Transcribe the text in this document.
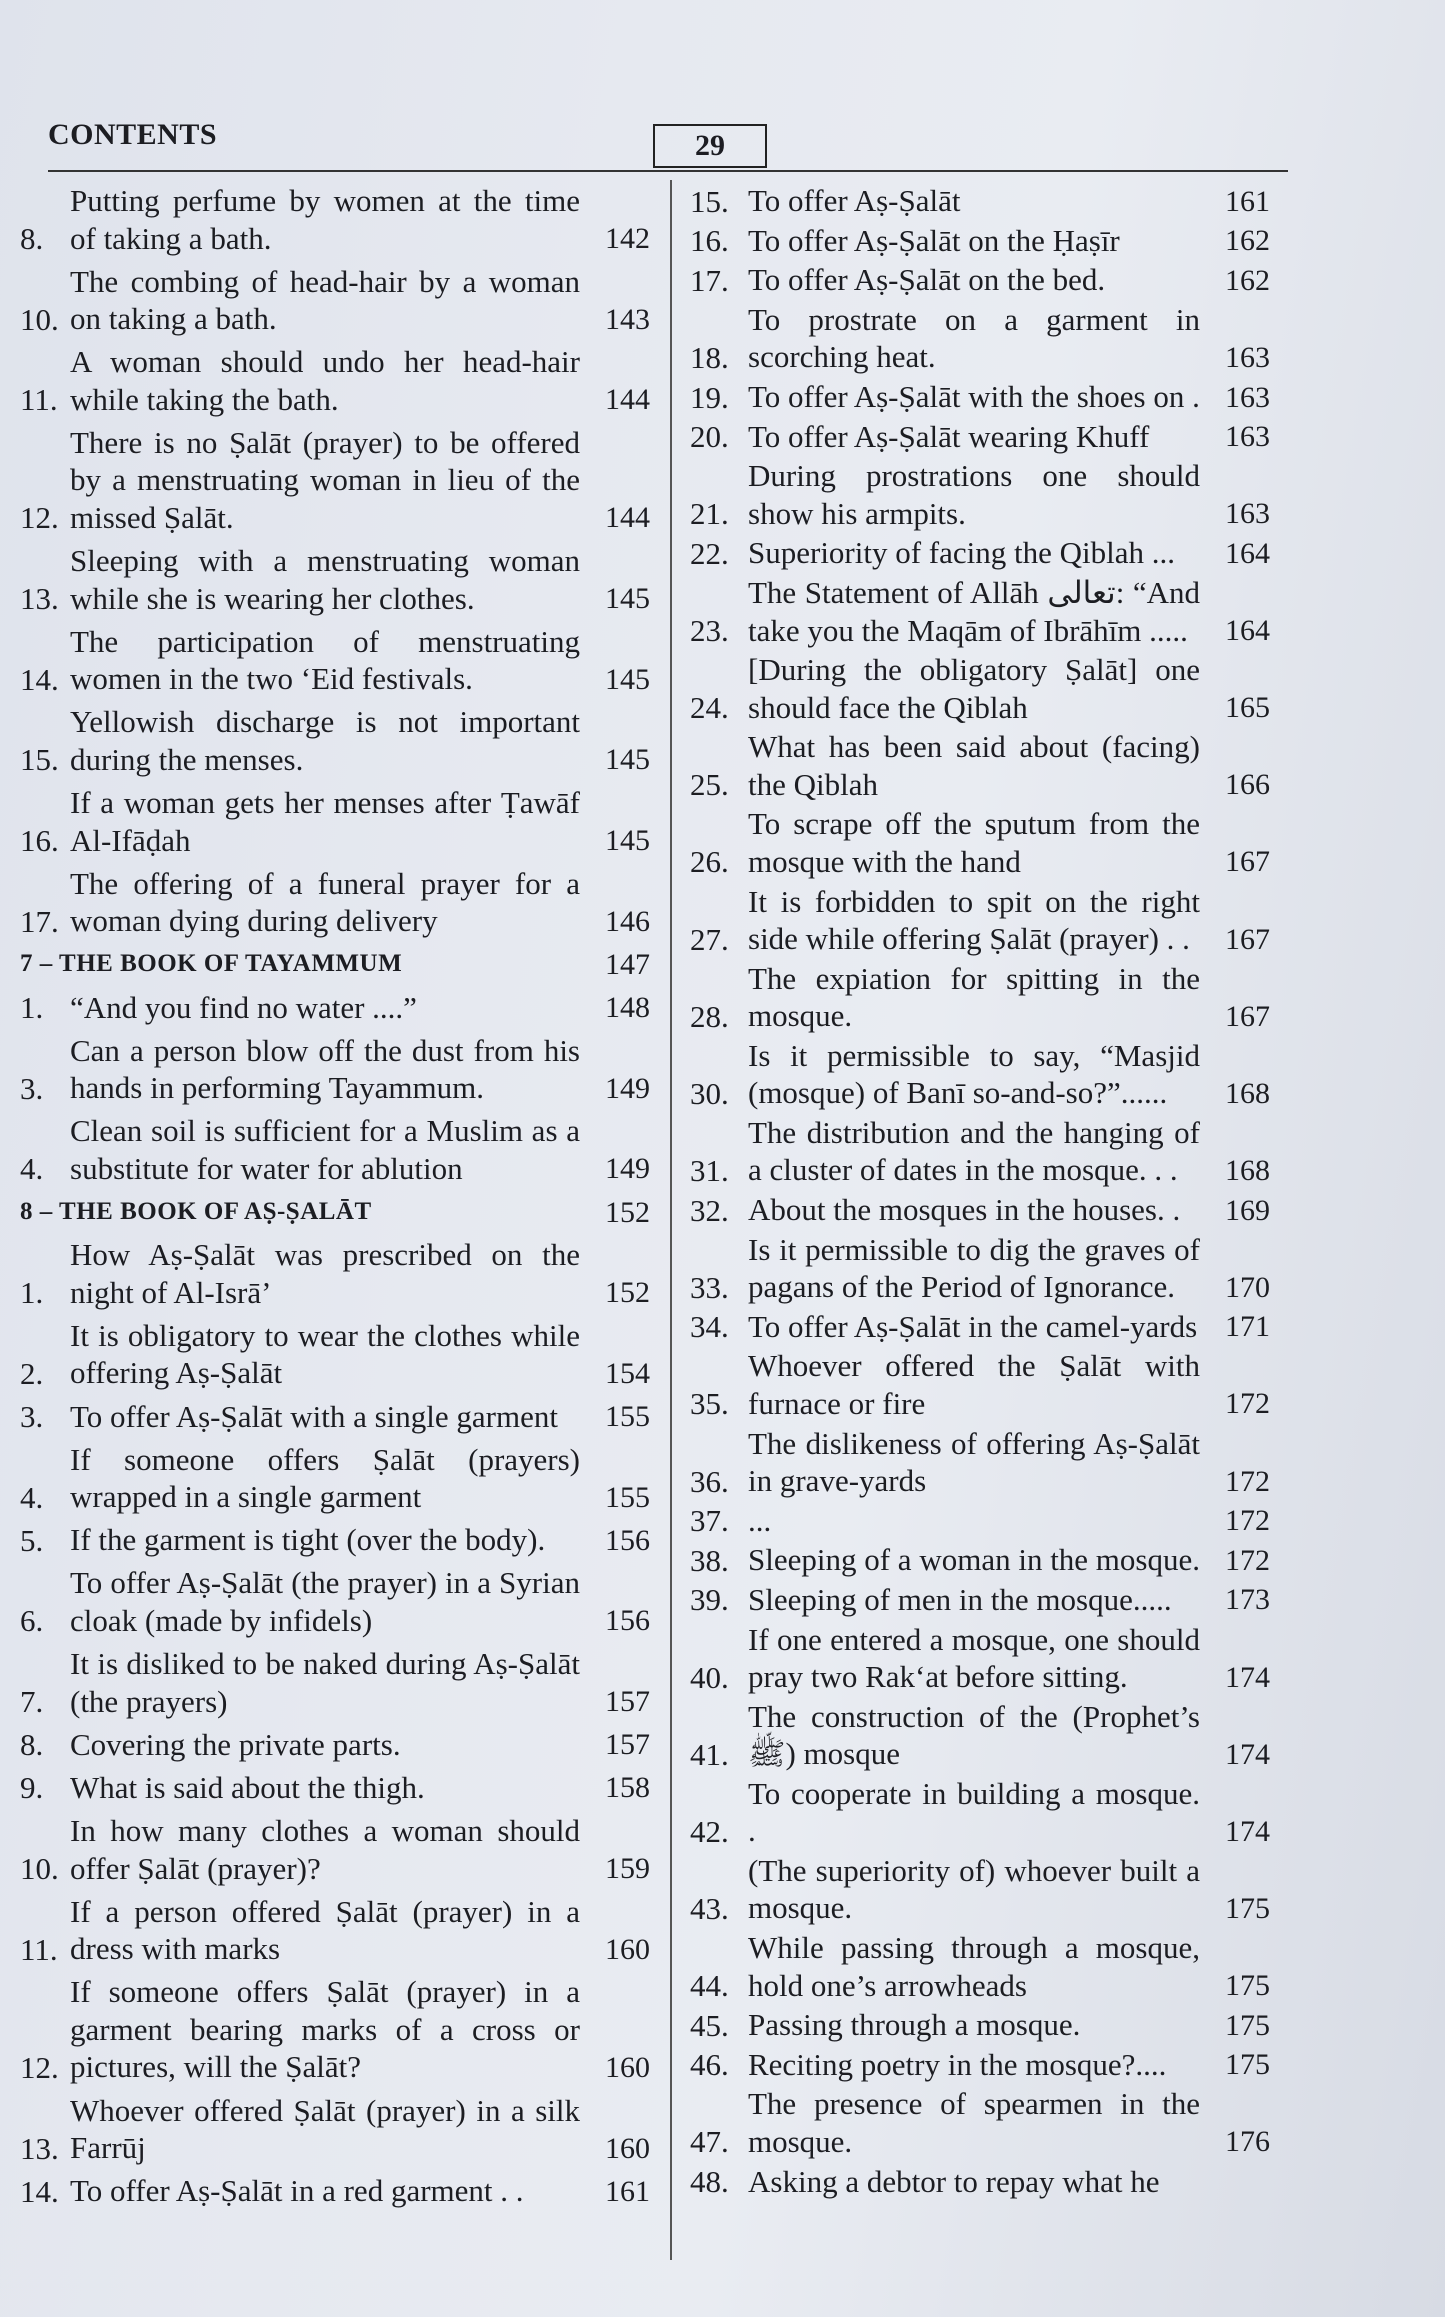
CONTENTS	29
8.
Putting perfume by women at the time of taking a bath.	142
10.
The combing of head-hair by a woman on taking a bath.	143
11.
A woman should undo her head-hair while taking the bath.	144
12.
There is no Ṣalāt (prayer) to be offered by a menstruating woman in lieu of the missed Ṣalāt.	144
13.
Sleeping with a menstruating woman while she is wearing her clothes.	145
14.
The participation of menstruating women in the two ‘Eid festivals.	145
15.
Yellowish discharge is not important during the menses.	145
16.
If a woman gets her menses after Ṭawāf Al-Ifāḍah	145
17.
The offering of a funeral prayer for a woman dying during delivery	146
7 – THE BOOK OF TAYAMMUM	147
1. “And you find no water ....”	148
3.
Can a person blow off the dust from his hands in performing Tayammum.	149
4.
Clean soil is sufficient for a Muslim as a substitute for water for ablution	149
8 – THE BOOK OF AṢ-ṢALĀT	152
1.
How Aṣ-Ṣalāt was prescribed on the night of Al-Isrā’	152
2.
It is obligatory to wear the clothes while offering Aṣ-Ṣalāt	154
3. To offer Aṣ-Ṣalāt with a single garment	155
4.
If someone offers Ṣalāt (prayers) wrapped in a single garment	155
5. If the garment is tight (over the body).	156
6.
To offer Aṣ-Ṣalāt (the prayer) in a Syrian cloak (made by infidels)	156
7.
It is disliked to be naked during Aṣ-Ṣalāt (the prayers)	157
8. Covering the private parts.	157
9. What is said about the thigh.	158
10.
In how many clothes a woman should offer Ṣalāt (prayer)?	159
11.
If a person offered Ṣalāt (prayer) in a dress with marks	160
12.
If someone offers Ṣalāt (prayer) in a garment bearing marks of a cross or pictures, will the Ṣalāt?	160
13.
Whoever offered Ṣalāt (prayer) in a silk Farrūj	160
14. To offer Aṣ-Ṣalāt in a red garment . .	161
15. To offer Aṣ-Ṣalāt	161
16. To offer Aṣ-Ṣalāt on the Ḥaṣīr	162
17. To offer Aṣ-Ṣalāt on the bed.	162
18.
To prostrate on a garment in scorching heat.	163
19. To offer Aṣ-Ṣalāt with the shoes on . 163
20. To offer Aṣ-Ṣalāt wearing Khuff	163
21.
During prostrations one should show his armpits.	163
22. Superiority of facing the Qiblah ...	164
23.
The Statement of Allāh تعالى: “And take you the Maqām of Ibrāhīm .....	164
24.
[During the obligatory Ṣalāt] one should face the Qiblah	165
25.
What has been said about (facing) the Qiblah	166
26.
To scrape off the sputum from the mosque with the hand	167
27.
It is forbidden to spit on the right side while offering Ṣalāt (prayer) . .	167
28.
The expiation for spitting in the mosque.	167
30.
Is it permissible to say, “Masjid (mosque) of Banī so-and-so?”......	168
31.
The distribution and the hanging of a cluster of dates in the mosque. . .	168
32. About the mosques in the houses. .	169
33.
Is it permissible to dig the graves of pagans of the Period of Ignorance.	170
34. To offer Aṣ-Ṣalāt in the camel-yards 171
35.
Whoever offered the Ṣalāt with furnace or fire	172
36.
The dislikeness of offering Aṣ-Ṣalāt in grave-yards	172
37. ...	172
38. Sleeping of a woman in the mosque. 172
39. Sleeping of men in the mosque.....	173
40.
If one entered a mosque, one should pray two Rak‘at before sitting.	174
41.
The construction of the (Prophet’s ﷺ) mosque	174
42.
To cooperate in building a mosque. .	174
43.
(The superiority of) whoever built a mosque.	175
44.
While passing through a mosque, hold one’s arrowheads	175
45. Passing through a mosque.	175
46. Reciting poetry in the mosque?....	175
47.
The presence of spearmen in the mosque.	176
48. Asking a debtor to repay what he
